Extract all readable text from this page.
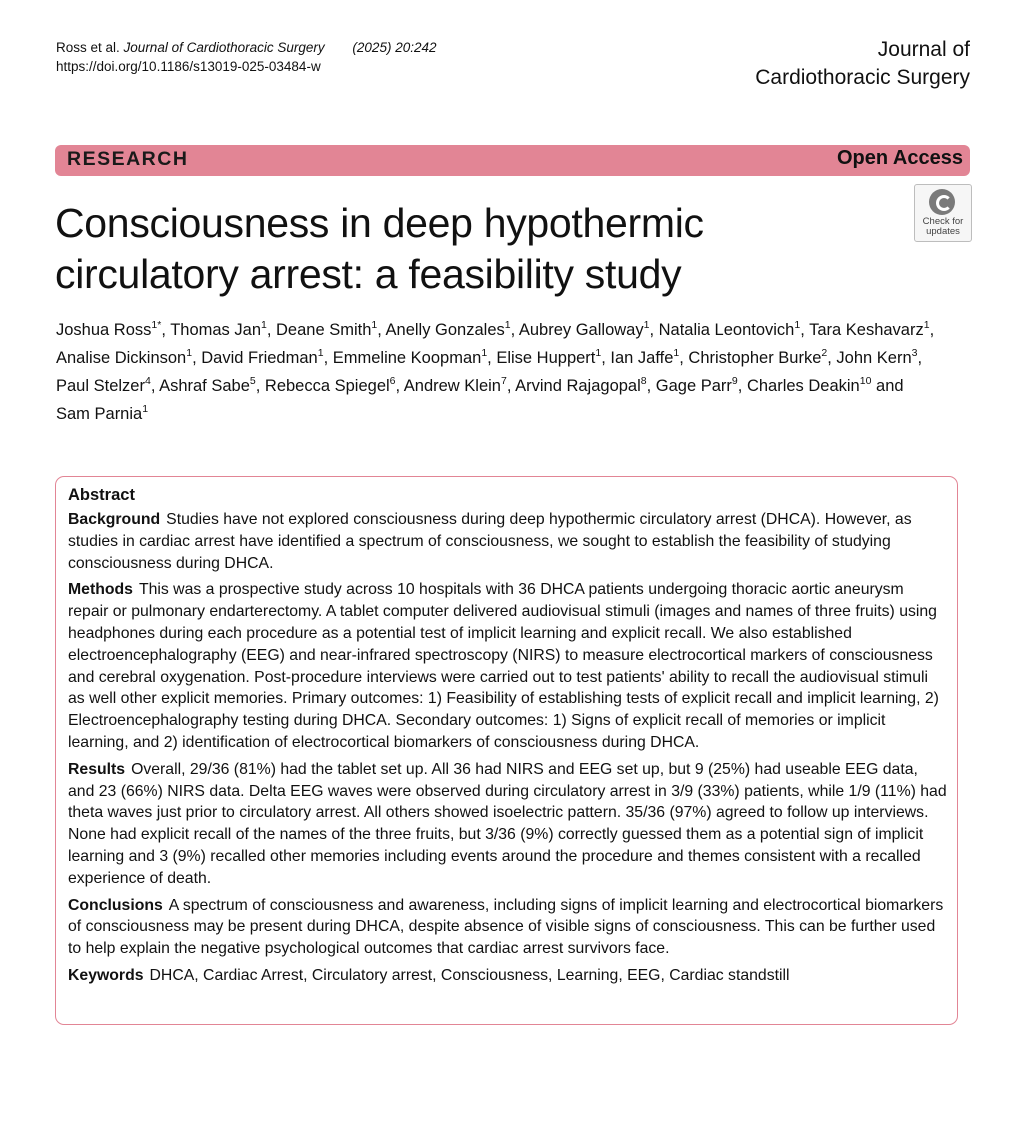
Ross et al. Journal of Cardiothoracic Surgery (2025) 20:242
https://doi.org/10.1186/s13019-025-03484-w
Journal of
Cardiothoracic Surgery
RESEARCH	Open Access
Consciousness in deep hypothermic
circulatory arrest: a feasibility study
Check for
updates
Joshua Ross$^{1*}$, Thomas Jan$^1$, Deane Smith$^1$, Anelly Gonzales$^1$, Aubrey Galloway$^1$, Natalia Leontovich$^1$, Tara Keshavarz$^1$, Analise Dickinson$^1$, David Friedman$^1$, Emmeline Koopman$^1$, Elise Huppert$^1$, Ian Jaffe$^1$, Christopher Burke$^2$, John Kern$^3$, Paul Stelzer$^4$, Ashraf Sabe$^5$, Rebecca Spiegel$^6$, Andrew Klein$^7$, Arvind Rajagopal$^8$, Gage Parr$^9$, Charles Deakin$^{10}$ and Sam Parnia$^1$
Abstract

Background Studies have not explored consciousness during deep hypothermic circulatory arrest (DHCA). However, as studies in cardiac arrest have identified a spectrum of consciousness, we sought to establish the feasibility of studying consciousness during DHCA.

Methods This was a prospective study across 10 hospitals with 36 DHCA patients undergoing thoracic aortic aneurysm repair or pulmonary endarterectomy. A tablet computer delivered audiovisual stimuli (images and names of three fruits) using headphones during each procedure as a potential test of implicit learning and explicit recall. We also established electroencephalography (EEG) and near-infrared spectroscopy (NIRS) to measure electrocortical markers of consciousness and cerebral oxygenation. Post-procedure interviews were carried out to test patients' ability to recall the audiovisual stimuli as well other explicit memories. Primary outcomes: 1) Feasibility of establishing tests of explicit recall and implicit learning, 2) Electroencephalography testing during DHCA. Secondary outcomes: 1) Signs of explicit recall of memories or implicit learning, and 2) identification of electrocortical biomarkers of consciousness during DHCA.

Results Overall, 29/36 (81%) had the tablet set up. All 36 had NIRS and EEG set up, but 9 (25%) had useable EEG data, and 23 (66%) NIRS data. Delta EEG waves were observed during circulatory arrest in 3/9 (33%) patients, while 1/9 (11%) had theta waves just prior to circulatory arrest. All others showed isoelectric pattern. 35/36 (97%) agreed to follow up interviews. None had explicit recall of the names of the three fruits, but 3/36 (9%) correctly guessed them as a potential sign of implicit learning and 3 (9%) recalled other memories including events around the procedure and themes consistent with a recalled experience of death.

Conclusions A spectrum of consciousness and awareness, including signs of implicit learning and electrocortical biomarkers of consciousness may be present during DHCA, despite absence of visible signs of consciousness. This can be further used to help explain the negative psychological outcomes that cardiac arrest survivors face.

Keywords DHCA, Cardiac Arrest, Circulatory arrest, Consciousness, Learning, EEG, Cardiac standstill
